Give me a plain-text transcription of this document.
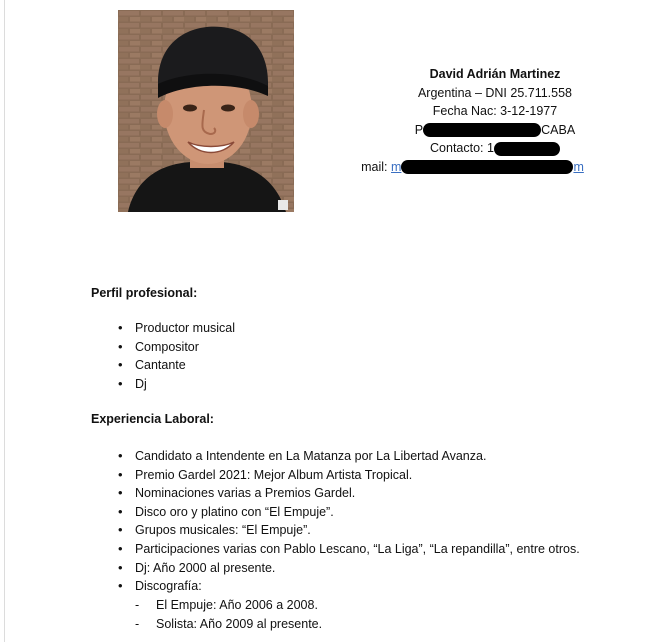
David Adrián Martinez
Argentina – DNI 25.711.558
Fecha Nac: 3-12-1977
P	CABA
Contacto: 1
mail: m	m
Perfil profesional:
• Productor musical
• Compositor
• Cantante
• Dj
Experiencia Laboral:
• Candidato a Intendente en La Matanza por La Libertad Avanza.
• Premio Gardel 2021: Mejor Album Artista Tropical.
• Nominaciones varias a Premios Gardel.
• Disco oro y platino con “El Empuje”.
• Grupos musicales: “El Empuje”.
• Participaciones varias con Pablo Lescano, “La Liga”, “La repandilla”, entre otros.
• Dj: Año 2000 al presente.
• Discografía:
- El Empuje: Año 2006 a 2008.
- Solista: Año 2009 al presente.
